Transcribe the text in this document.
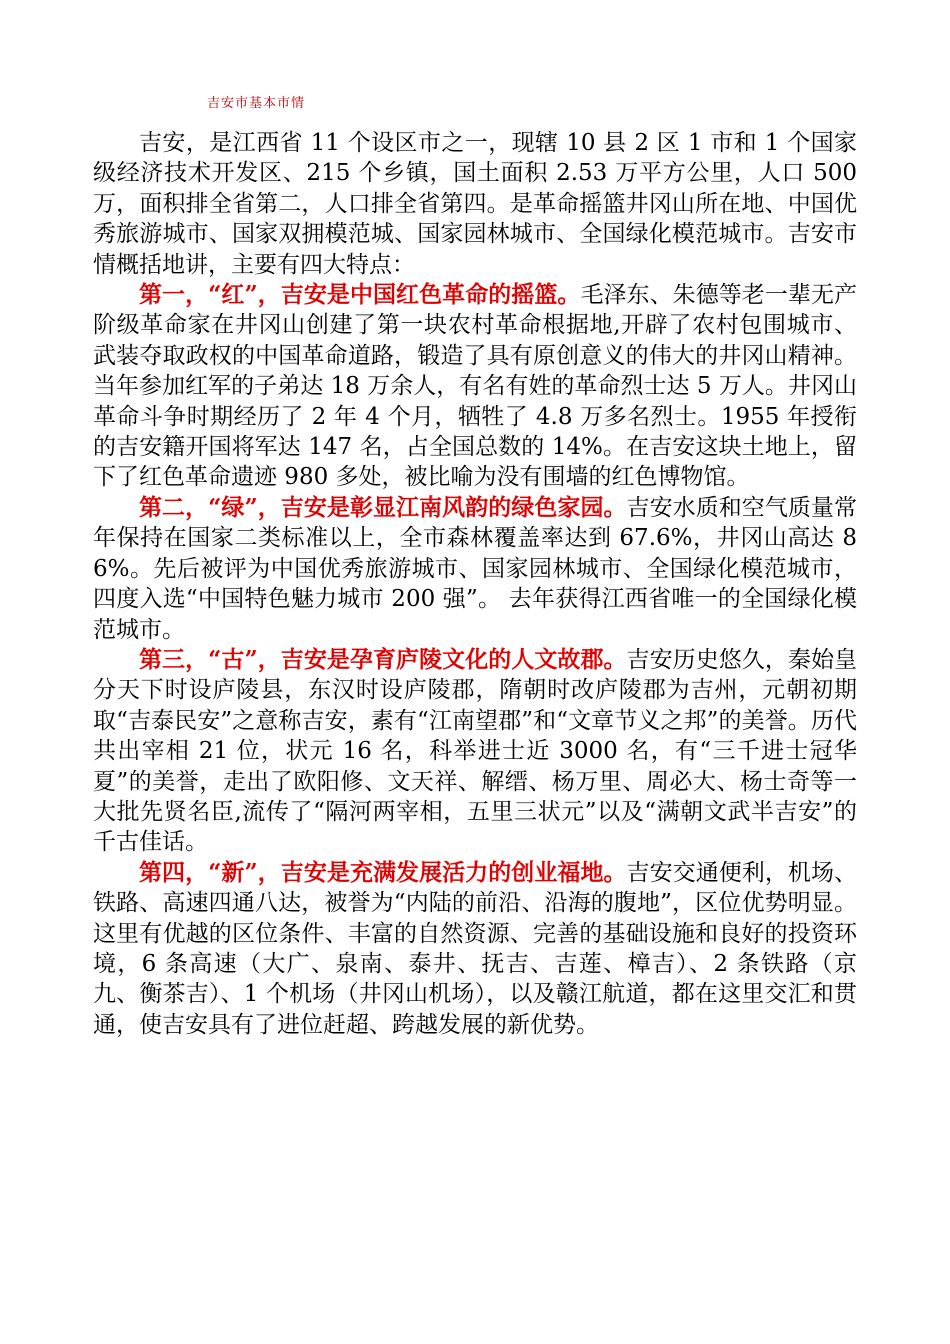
吉安市基本市情

吉安，是江西省 11 个设区市之一，现辖 10 县 2 区 1 市和 1 个国家级经济技术开发区、215 个乡镇，国土面积 2.53 万平方公里，人口 500 万，面积排全省第二，人口排全省第四。是革命摇篮井冈山所在地、中国优秀旅游城市、国家双拥模范城、国家园林城市、全国绿化模范城市。吉安市情概括地讲，主要有四大特点：

第一，“红”，吉安是中国红色革命的摇篮。毛泽东、朱德等老一辈无产阶级革命家在井冈山创建了第一块农村革命根据地,开辟了农村包围城市、武装夺取政权的中国革命道路，锻造了具有原创意义的伟大的井冈山精神。当年参加红军的子弟达 18 万余人，有名有姓的革命烈士达 5 万人。井冈山革命斗争时期经历了 2 年 4 个月，牺牲了 4.8 万多名烈士。1955 年授衔的吉安籍开国将军达 147 名，占全国总数的 14%。在吉安这块土地上，留下了红色革命遗迹 980 多处，被比喻为没有围墙的红色博物馆。

第二，“绿”，吉安是彰显江南风韵的绿色家园。吉安水质和空气质量常年保持在国家二类标准以上，全市森林覆盖率达到 67.6%，井冈山高达 86%。先后被评为中国优秀旅游城市、国家园林城市、全国绿化模范城市，四度入选“中国特色魅力城市 200 强”。 去年获得江西省唯一的全国绿化模范城市。

第三，“古”，吉安是孕育庐陵文化的人文故郡。吉安历史悠久，秦始皇分天下时设庐陵县，东汉时设庐陵郡，隋朝时改庐陵郡为吉州，元朝初期取“吉泰民安”之意称吉安，素有“江南望郡”和“文章节义之邦”的美誉。历代共出宰相 21 位，状元 16 名，科举进士近 3000 名，有“三千进士冠华夏”的美誉，走出了欧阳修、文天祥、解缙、杨万里、周必大、杨士奇等一大批先贤名臣,流传了“隔河两宰相，五里三状元”以及“满朝文武半吉安”的千古佳话。

第四，“新”，吉安是充满发展活力的创业福地。吉安交通便利，机场、铁路、高速四通八达，被誉为“内陆的前沿、沿海的腹地”，区位优势明显。这里有优越的区位条件、丰富的自然资源、完善的基础设施和良好的投资环境，6 条高速（大广、泉南、泰井、抚吉、吉莲、樟吉）、2 条铁路（京九、衡茶吉）、1 个机场（井冈山机场），以及赣江航道，都在这里交汇和贯通，使吉安具有了进位赶超、跨越发展的新优势。
